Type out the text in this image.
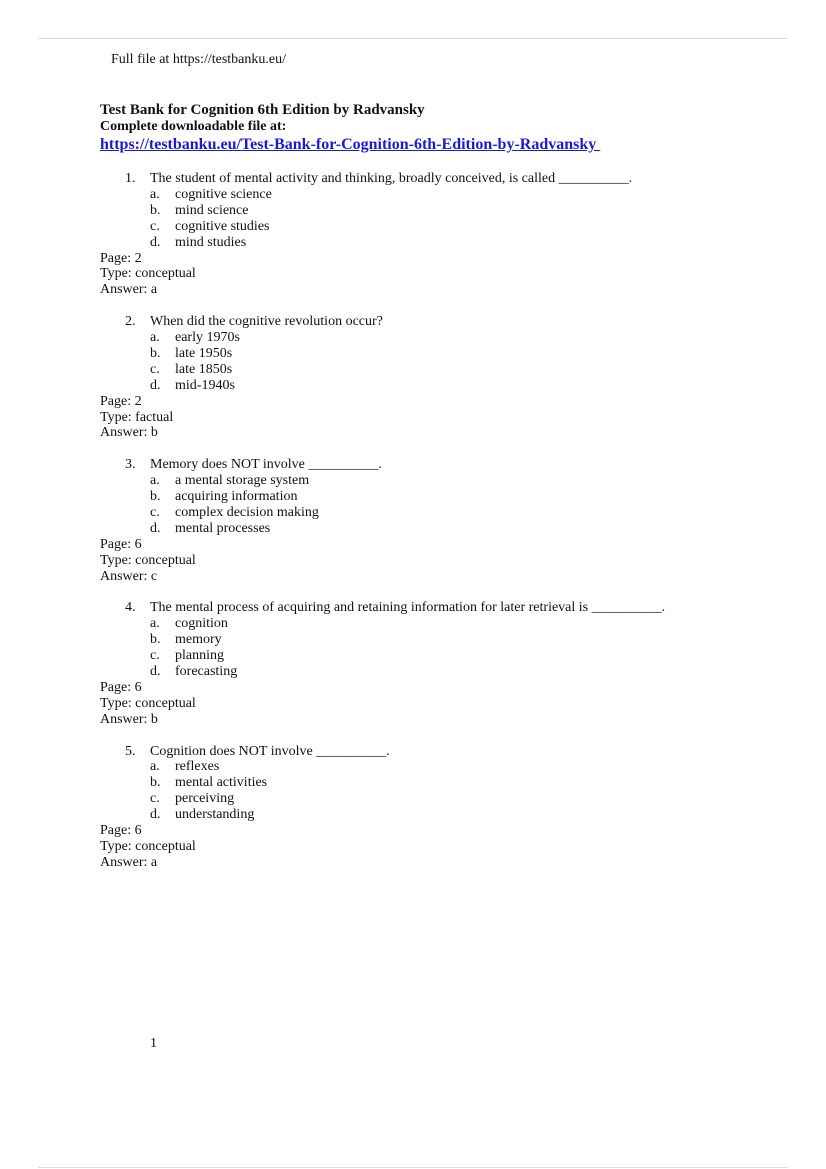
Full file at https://testbanku.eu/
Test Bank for Cognition 6th Edition by Radvansky
Complete downloadable file at:
https://testbanku.eu/Test-Bank-for-Cognition-6th-Edition-by-Radvansky
1. The student of mental activity and thinking, broadly conceived, is called __________.
a. cognitive science
b. mind science
c. cognitive studies
d. mind studies
Page: 2
Type: conceptual
Answer: a
2. When did the cognitive revolution occur?
a. early 1970s
b. late 1950s
c. late 1850s
d. mid-1940s
Page: 2
Type: factual
Answer: b
3. Memory does NOT involve __________.
a. a mental storage system
b. acquiring information
c. complex decision making
d. mental processes
Page: 6
Type: conceptual
Answer: c
4. The mental process of acquiring and retaining information for later retrieval is __________.
a. cognition
b. memory
c. planning
d. forecasting
Page: 6
Type: conceptual
Answer: b
5. Cognition does NOT involve __________.
a. reflexes
b. mental activities
c. perceiving
d. understanding
Page: 6
Type: conceptual
Answer: a
1
